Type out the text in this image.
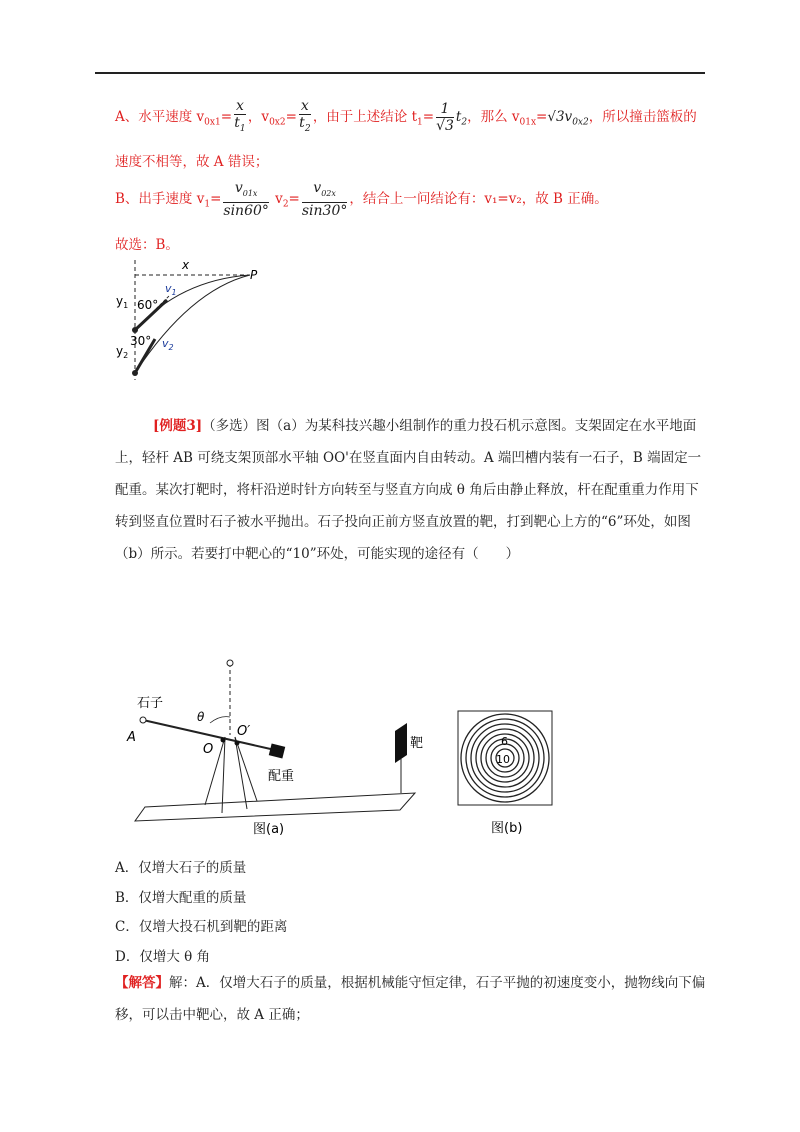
A、水平速度 $v_{0x1}= \frac{x}{t_1}$ ，$v_{0x2}= \frac{x}{t_2}$ ，由于上述结论 $t_1= \frac{1}{√3} t_2$，那么 $v_{01x}=√3v_{0x2}$，所以撞击篮板的
速度不相等，故 A 错误；
B、出手速度 $v_1= \frac{v_{01x}}{\sin 60^\circ} v_2= \frac{v_{02x}}{\sin 30^\circ}$ ，结合上一问结论有：v₁=v₂，故 B 正确。
故选：B。
x
P
$y_1$
$y_2$
60°
30°
$v_1$
$v_2$
[例题3]（多选）图（a）为某科技兴趣小组制作的重力投石机示意图。支架固定在水平地面上，轻杆 AB 可绕支架顶部水平轴 OO'在竖直面内自由转动。A 端凹槽内装有一石子，B 端固定一配重。某次打靶时，将杆沿逆时针方向转至与竖直方向成 θ 角后由静止释放，杆在配重重力作用下转到竖直位置时石子被水平抛出。石子投向正前方竖直放置的靶，打到靶心上方的“6”环处，如图（b）所示。若要打中靶心的“10”环处，可能实现的途径有（　　）
石子
A
θ
O
O′
配重
靶
图(a)
6
10
图(b)
A．仅增大石子的质量
B．仅增大配重的质量
C．仅增大投石机到靶的距离
D．仅增大 θ 角
【解答】解：A．仅增大石子的质量，根据机械能守恒定律，石子平抛的初速度变小，抛物线向下偏移，可以击中靶心，故 A 正确；
